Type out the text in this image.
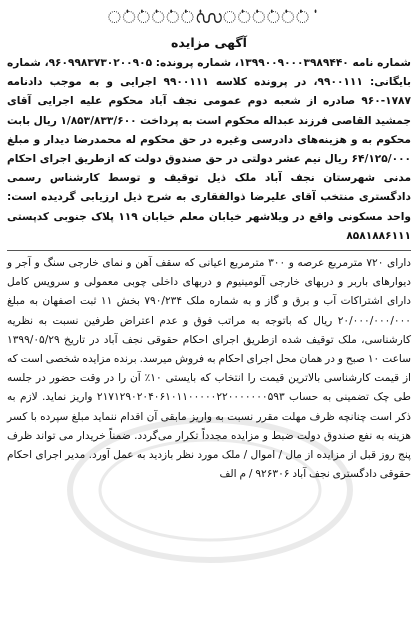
ൎൎൎൎൎൎ൜ൎൎൎൎൎൎ
آگهی مزایده
شماره نامه ۱۳۹۹۰۰۹۰۰۰۳۹۸۹۴۴۰، شماره پرونده: ۹۶۰۹۹۸۳۷۳۰۲۰۰۹۰۵، شماره بایگانی: ۹۹۰۰۱۱۱، در پرونده کلاسه ۹۹۰۰۱۱۱ اجرایی و به موجب دادنامه ۱۷۸۷-۹۶۰ صادره از شعبه دوم عمومی نجف آباد محکوم علیه اجرایی آقای جمشید القاصی فرزند عبداله محکوم است به پرداخت ۱/۸۵۳/۸۳۳/۶۰۰ ریال بابت محکوم به و هزینه‌های دادرسی وغیره در حق محکوم له محمدرضا دیدار و مبلغ ۶۴/۱۲۵/۰۰۰ ریال نیم عشر دولتی در حق صندوق دولت که ازطریق اجرای احکام مدنی شهرستان نجف آباد ملک ذیل توقیف و توسط کارشناس رسمی دادگستری منتخب آقای علیرضا ذوالفقاری به شرح ذیل ارزیابی گردیده است: واحد مسکونی واقع در ویلاشهر خیابان معلم خیابان ۱۱۹ پلاک جنوبی کدپستی ۸۵۸۱۸۸۶۱۱۱
دارای ۷۲۰ مترمربع عرصه و ۳۰۰ مترمربع اعیانی که سقف آهن و نمای خارجی سنگ و آجر و دیوارهای باربر و دربهای خارجی آلومینیوم و دربهای داخلی چوبی معمولی و سرویس کامل دارای اشتراکات آب و برق و گاز و به شماره ملک ۷۹۰/۲۳۴ بخش ۱۱ ثبت اصفهان به مبلغ ۲۰/۰۰۰/۰۰۰/۰۰۰ ریال که باتوجه به مراتب فوق و عدم اعتراض طرفین نسبت به نظریه کارشناسی، ملک توقیف شده ازطریق اجرای احکام حقوقی نجف آباد در تاریخ ۱۳۹۹/۰۵/۲۹ ساعت ۱۰ صبح و در همان محل اجرای احکام به فروش میرسد. برنده مزایده شخصی است که از قیمت کارشناسی بالاترین قیمت را انتخاب که بایستی ۱۰٪ آن را در وقت حضور در جلسه طی چک تضمینی به حساب ۲۱۷۱۲۹۰۲۰۴۰۶۱۰۱۱۰۰۰۰۰۲۲۰۰۰۰۰۰۰۵۹۳ واریز نماید. لازم به ذکر است چنانچه ظرف مهلت مقرر نسبت به واریز مابقی آن اقدام ننماید مبلغ سپرده با کسر هزینه به نفع صندوق دولت ضبط و مزایده مجدداً تکرار می‌گردد. ضمناً خریدار می تواند ظرف پنج روز قبل از مزایده از مال / اموال / ملک مورد نظر بازدید به عمل آورد. مدیر اجرای احکام حقوقی دادگستری نجف آباد ۹۲۶۳۰۶ / م الف
